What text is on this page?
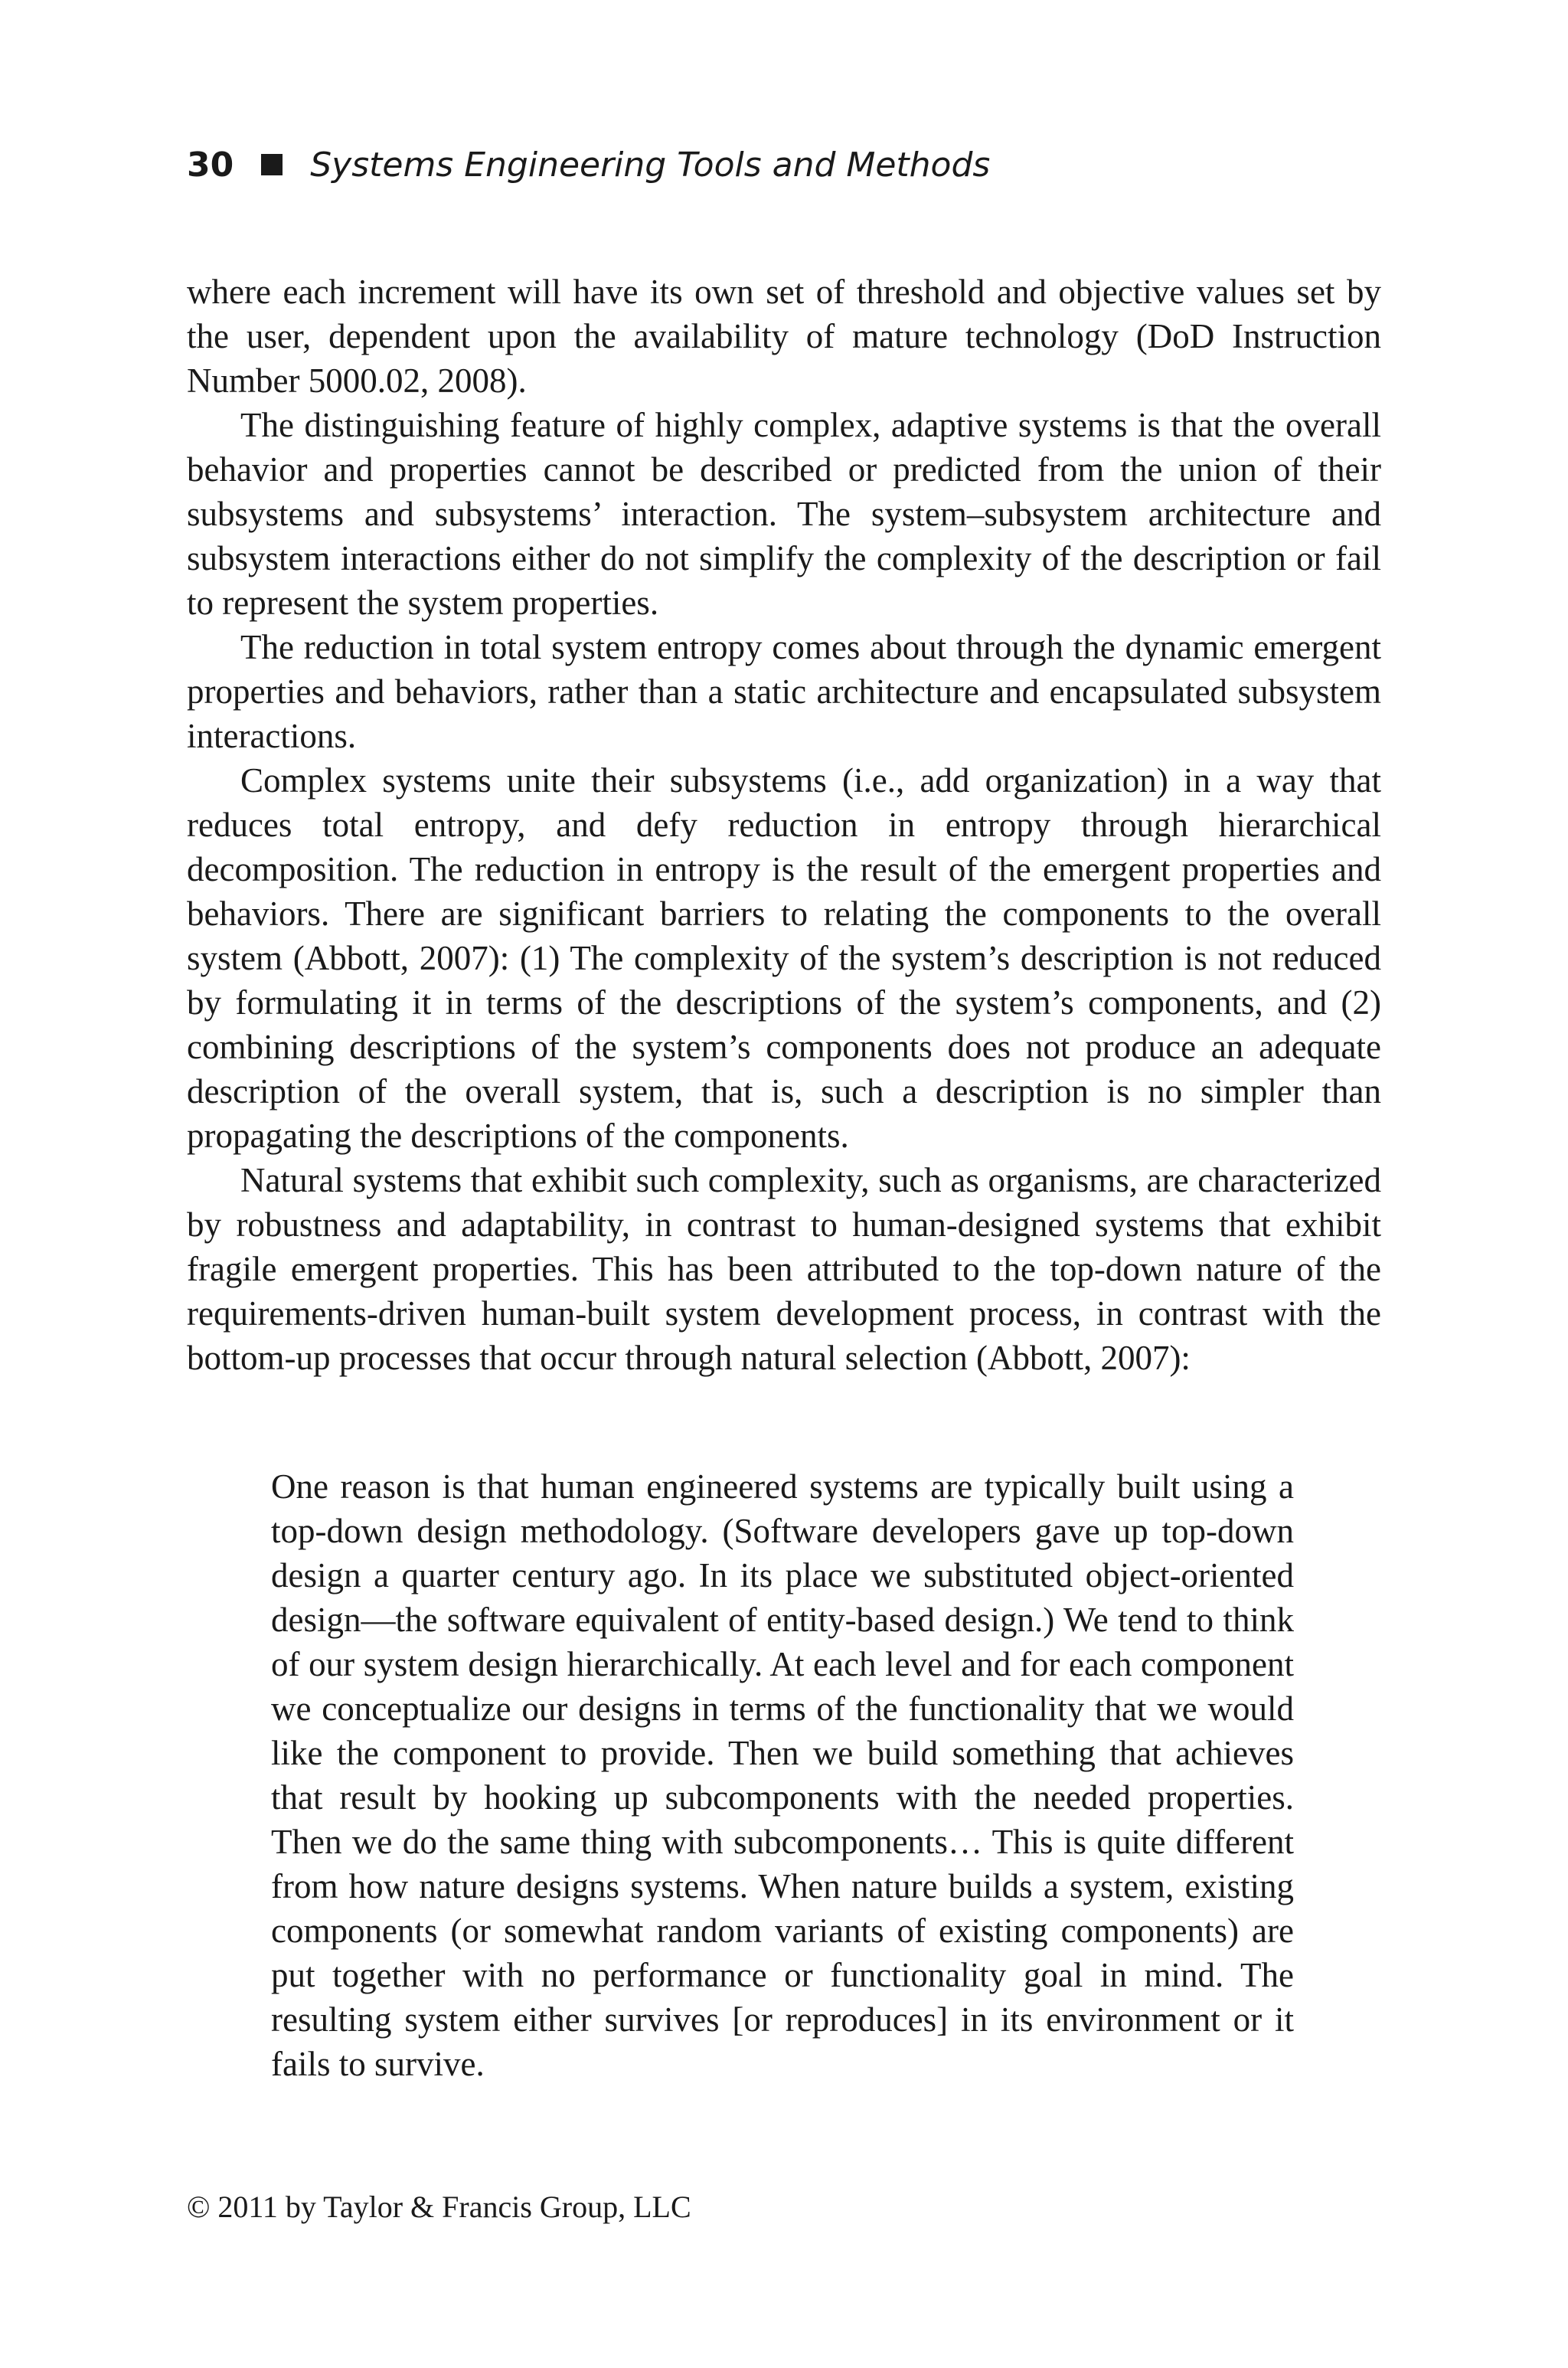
30 Systems Engineering Tools and Methods

where each increment will have its own set of threshold and objective values set by the user, dependent upon the availability of mature technology (DoD Instruction Number 5000.02, 2008).

The distinguishing feature of highly complex, adaptive systems is that the overall behavior and properties cannot be described or predicted from the union of their subsystems and subsystems’ interaction. The system–subsystem architecture and subsystem interactions either do not simplify the complexity of the description or fail to represent the system properties.

The reduction in total system entropy comes about through the dynamic emergent properties and behaviors, rather than a static architecture and encapsulated subsystem interactions.

Complex systems unite their subsystems (i.e., add organization) in a way that reduces total entropy, and defy reduction in entropy through hierarchical decomposition. The reduction in entropy is the result of the emergent properties and behaviors. There are significant barriers to relating the components to the overall system (Abbott, 2007): (1) The complexity of the system’s description is not reduced by formulating it in terms of the descriptions of the system’s components, and (2) combining descriptions of the system’s components does not produce an adequate description of the overall system, that is, such a description is no simpler than propagating the descriptions of the components.

Natural systems that exhibit such complexity, such as organisms, are characterized by robustness and adaptability, in contrast to human-designed systems that exhibit fragile emergent properties. This has been attributed to the top-down nature of the requirements-driven human-built system development process, in contrast with the bottom-up processes that occur through natural selection (Abbott, 2007):

One reason is that human engineered systems are typically built using a top-down design methodology. (Software developers gave up top-down design a quarter century ago. In its place we substituted object-oriented design—the software equivalent of entity-based design.) We tend to think of our system design hierarchically. At each level and for each component we conceptualize our designs in terms of the functionality that we would like the component to provide. Then we build something that achieves that result by hooking up subcomponents with the needed properties. Then we do the same thing with subcomponents… This is quite different from how nature designs systems. When nature builds a system, existing components (or somewhat random variants of existing components) are put together with no performance or functionality goal in mind. The resulting system either survives [or reproduces] in its environment or it fails to survive.

© 2011 by Taylor & Francis Group, LLC
